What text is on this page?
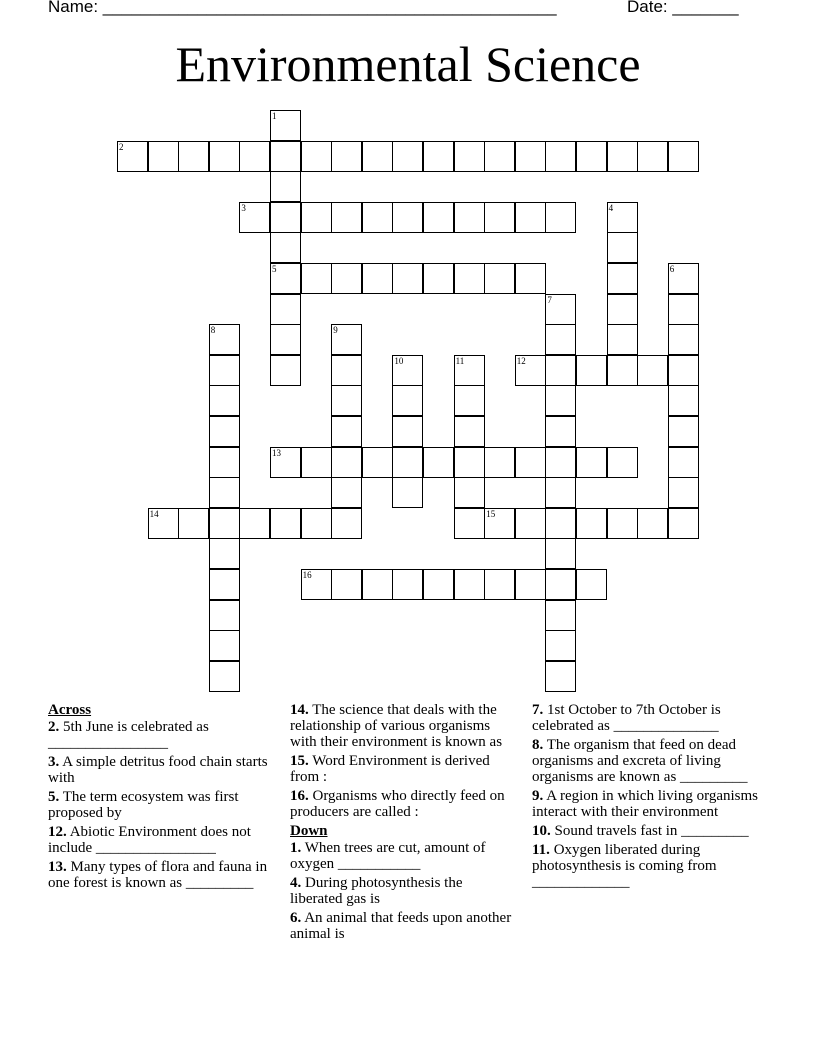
Name: ________________________________________________	Date: _______
Environmental Science
2
3
5
12
13
14	15
16
1
4
6
7
8	9
10	11
Across
2. 5th June is celebrated as ________________
3. A simple detritus food chain starts with
5. The term ecosystem was first proposed by
12. Abiotic Environment does not include ________________
13. Many types of flora and fauna in one forest is known as _________
14. The science that deals with the relationship of various organisms with their environment is known as
15. Word Environment is derived from :
16. Organisms who directly feed on producers are called :
Down
1. When trees are cut, amount of oxygen ___________
4. During photosynthesis the liberated gas is
6. An animal that feeds upon another animal is
7. 1st October to 7th October is celebrated as ______________
8. The organism that feed on dead organisms and excreta of living organisms are known as _________
9. A region in which living organisms interact with their environment
10. Sound travels fast in _________
11. Oxygen liberated during photosynthesis is coming from _____________
